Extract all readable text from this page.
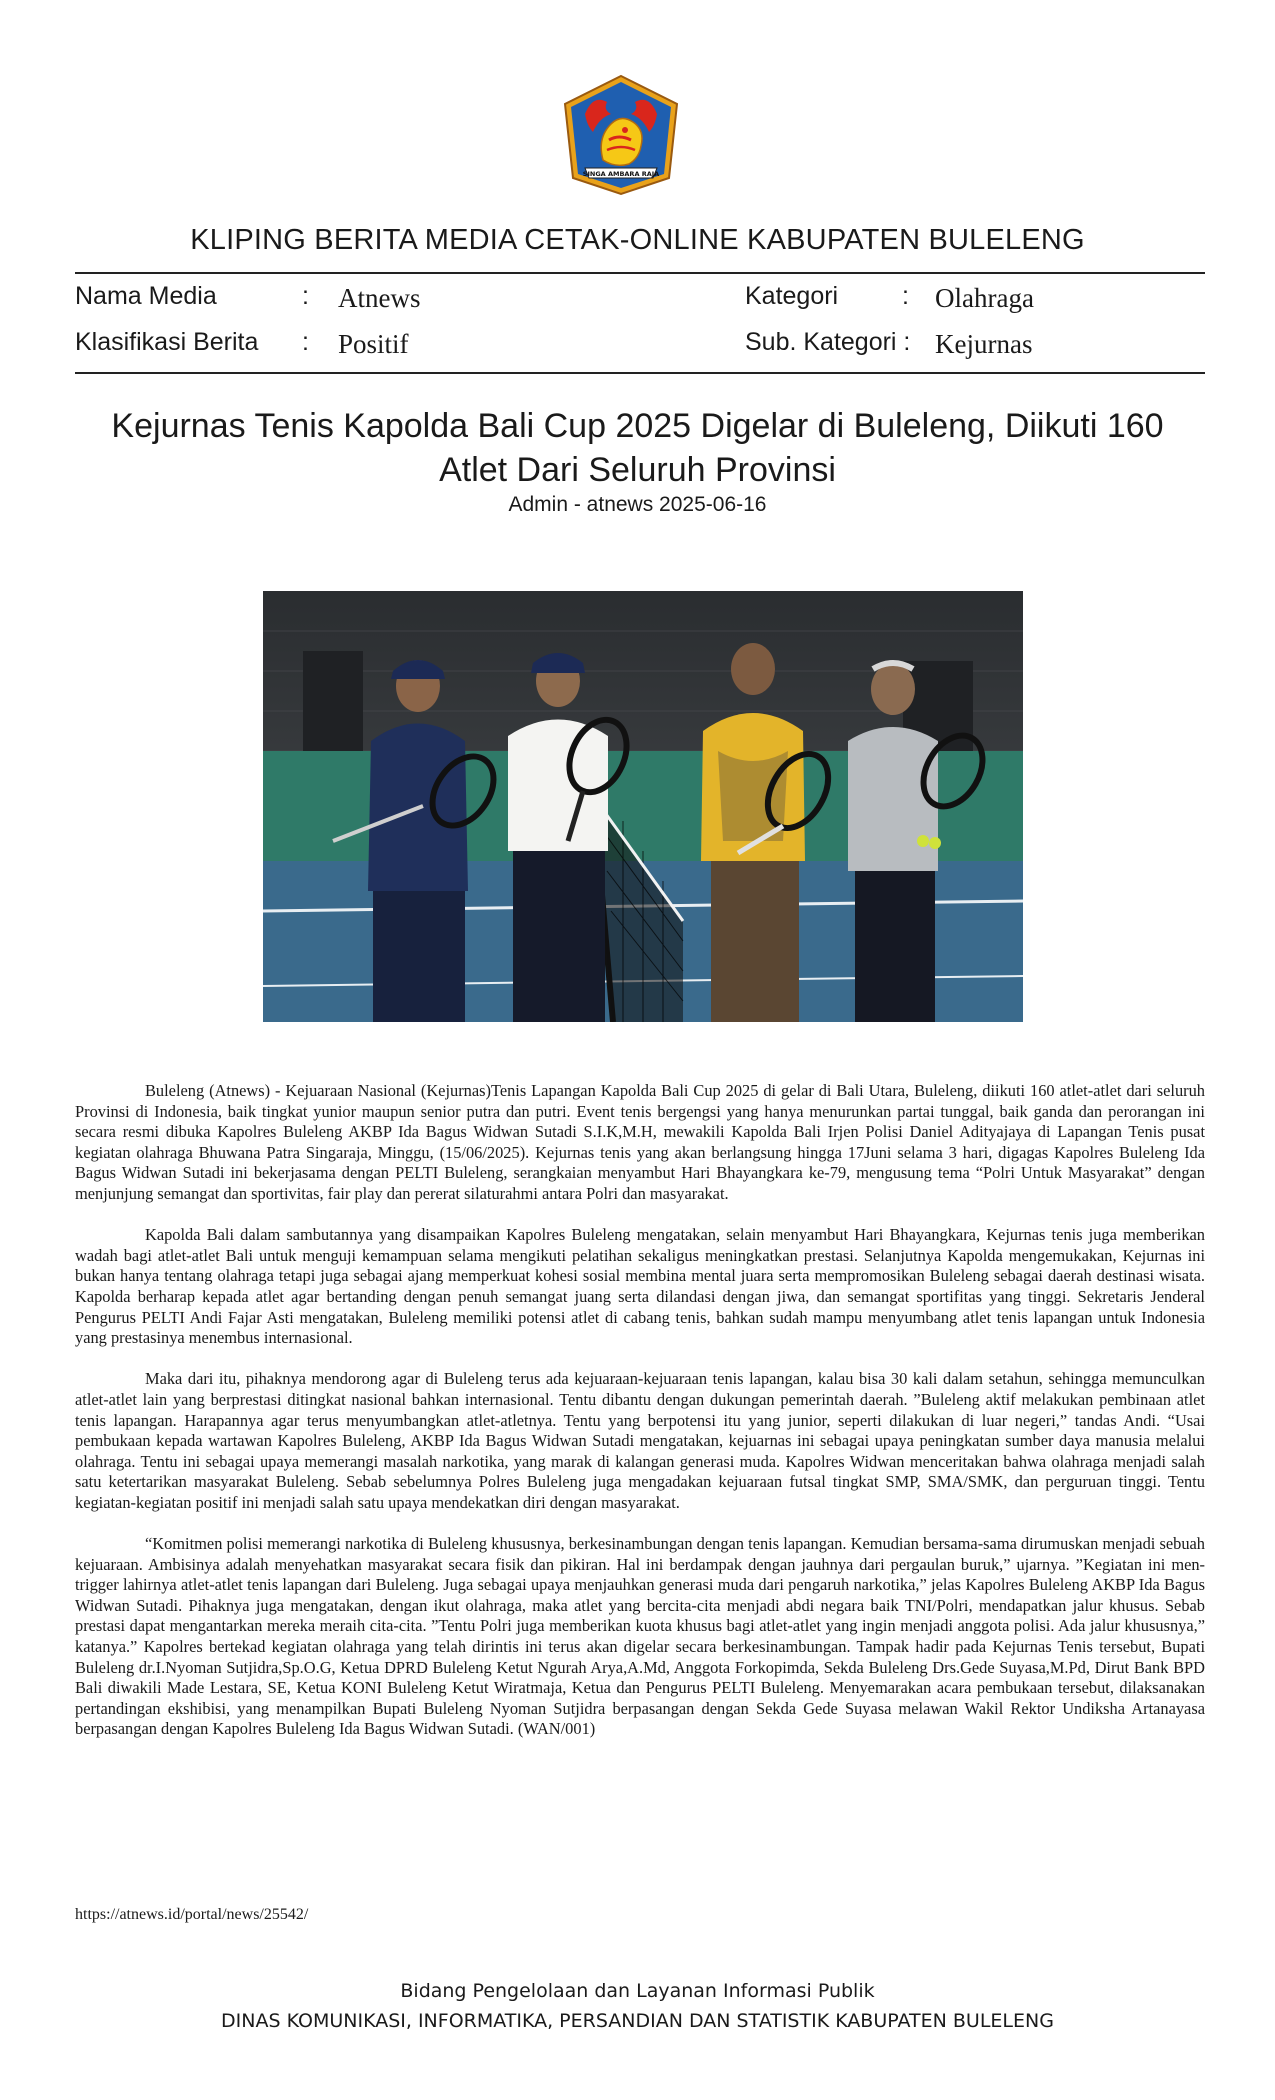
SINGA AMBARA RAJA
KLIPING BERITA MEDIA CETAK-ONLINE KABUPATEN BULELENG
Nama Media	: Atnews	Kategori	: Olahraga
Klasifikasi Berita : Positif	Sub. Kategori : Kejurnas
Kejurnas Tenis Kapolda Bali Cup 2025 Digelar di Buleleng, Diikuti 160
Atlet Dari Seluruh Provinsi
Admin - atnews 2025-06-16

Buleleng (Atnews) - Kejuaraan Nasional (Kejurnas)Tenis Lapangan Kapolda Bali Cup 2025 di gelar di Bali Utara, Buleleng, diikuti 160 atlet-atlet dari seluruh Provinsi di Indonesia, baik tingkat yunior maupun senior putra dan putri. Event tenis bergengsi yang hanya menurunkan partai tunggal, baik ganda dan perorangan ini secara resmi dibuka Kapolres Buleleng AKBP Ida Bagus Widwan Sutadi S.I.K,M.H, mewakili Kapolda Bali Irjen Polisi Daniel Adityajaya di Lapangan Tenis pusat kegiatan olahraga Bhuwana Patra Singaraja, Minggu, (15/06/2025). Kejurnas tenis yang akan berlangsung hingga 17Juni selama 3 hari, digagas Kapolres Buleleng Ida Bagus Widwan Sutadi ini bekerjasama dengan PELTI Buleleng, serangkaian menyambut Hari Bhayangkara ke-79, mengusung tema “Polri Untuk Masyarakat” dengan menjunjung semangat dan sportivitas, fair play dan pererat silaturahmi antara Polri dan masyarakat.

Kapolda Bali dalam sambutannya yang disampaikan Kapolres Buleleng mengatakan, selain menyambut Hari Bhayangkara, Kejurnas tenis juga memberikan wadah bagi atlet-atlet Bali untuk menguji kemampuan selama mengikuti pelatihan sekaligus meningkatkan prestasi. Selanjutnya Kapolda mengemukakan, Kejurnas ini bukan hanya tentang olahraga tetapi juga sebagai ajang memperkuat kohesi sosial membina mental juara serta mempromosikan Buleleng sebagai daerah destinasi wisata. Kapolda berharap kepada atlet agar bertanding dengan penuh semangat juang serta dilandasi dengan jiwa, dan semangat sportifitas yang tinggi. Sekretaris Jenderal Pengurus PELTI Andi Fajar Asti mengatakan, Buleleng memiliki potensi atlet di cabang tenis, bahkan sudah mampu menyumbang atlet tenis lapangan untuk Indonesia yang prestasinya menembus internasional.

Maka dari itu, pihaknya mendorong agar di Buleleng terus ada kejuaraan-kejuaraan tenis lapangan, kalau bisa 30 kali dalam setahun, sehingga memunculkan atlet-atlet lain yang berprestasi ditingkat nasional bahkan internasional. Tentu dibantu dengan dukungan pemerintah daerah. ”Buleleng aktif melakukan pembinaan atlet tenis lapangan. Harapannya agar terus menyumbangkan atlet-atletnya. Tentu yang berpotensi itu yang junior, seperti dilakukan di luar negeri,” tandas Andi. “Usai pembukaan kepada wartawan Kapolres Buleleng, AKBP Ida Bagus Widwan Sutadi mengatakan, kejuarnas ini sebagai upaya peningkatan sumber daya manusia melalui olahraga. Tentu ini sebagai upaya memerangi masalah narkotika, yang marak di kalangan generasi muda. Kapolres Widwan menceritakan bahwa olahraga menjadi salah satu ketertarikan masyarakat Buleleng. Sebab sebelumnya Polres Buleleng juga mengadakan kejuaraan futsal tingkat SMP, SMA/SMK, dan perguruan tinggi. Tentu kegiatan-kegiatan positif ini menjadi salah satu upaya mendekatkan diri dengan masyarakat.

“Komitmen polisi memerangi narkotika di Buleleng khususnya, berkesinambungan dengan tenis lapangan. Kemudian bersama-sama dirumuskan menjadi sebuah kejuaraan. Ambisinya adalah menyehatkan masyarakat secara fisik dan pikiran. Hal ini berdampak dengan jauhnya dari pergaulan buruk,” ujarnya. ”Kegiatan ini men-trigger lahirnya atlet-atlet tenis lapangan dari Buleleng. Juga sebagai upaya menjauhkan generasi muda dari pengaruh narkotika,” jelas Kapolres Buleleng AKBP Ida Bagus Widwan Sutadi. Pihaknya juga mengatakan, dengan ikut olahraga, maka atlet yang bercita-cita menjadi abdi negara baik TNI/Polri, mendapatkan jalur khusus. Sebab prestasi dapat mengantarkan mereka meraih cita-cita. ”Tentu Polri juga memberikan kuota khusus bagi atlet-atlet yang ingin menjadi anggota polisi. Ada jalur khususnya,” katanya.” Kapolres bertekad kegiatan olahraga yang telah dirintis ini terus akan digelar secara berkesinambungan. Tampak hadir pada Kejurnas Tenis tersebut, Bupati Buleleng dr.I.Nyoman Sutjidra,Sp.O.G, Ketua DPRD Buleleng Ketut Ngurah Arya,A.Md, Anggota Forkopimda, Sekda Buleleng Drs.Gede Suyasa,M.Pd, Dirut Bank BPD Bali diwakili Made Lestara, SE, Ketua KONI Buleleng Ketut Wiratmaja, Ketua dan Pengurus PELTI Buleleng. Menyemarakan acara pembukaan tersebut, dilaksanakan pertandingan ekshibisi, yang menampilkan Bupati Buleleng Nyoman Sutjidra berpasangan dengan Sekda Gede Suyasa melawan Wakil Rektor Undiksha Artanayasa berpasangan dengan Kapolres Buleleng Ida Bagus Widwan Sutadi. (WAN/001)

https://atnews.id/portal/news/25542/
Bidang Pengelolaan dan Layanan Informasi Publik
DINAS KOMUNIKASI, INFORMATIKA, PERSANDIAN DAN STATISTIK KABUPATEN BULELENG
